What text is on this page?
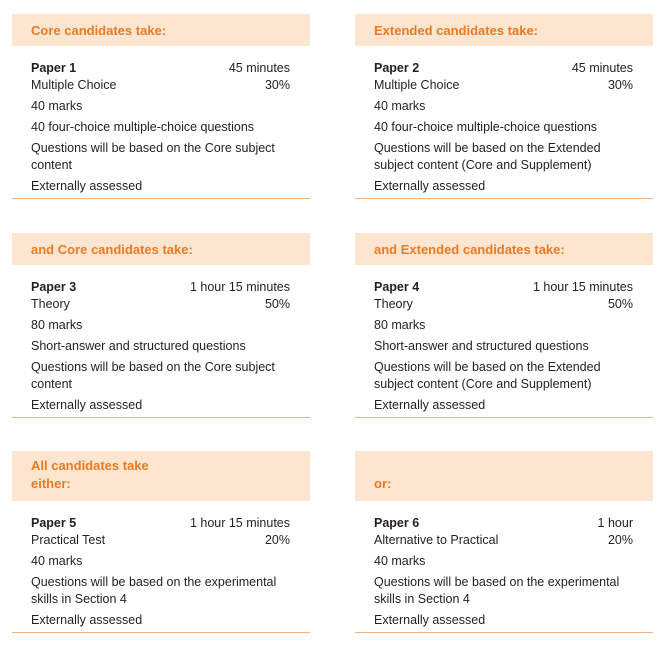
Core candidates take:
Paper 1	45 minutes
Multiple Choice	30%
40 marks
40 four-choice multiple-choice questions
Questions will be based on the Core subject content
Externally assessed
Extended candidates take:
Paper 2	45 minutes
Multiple Choice	30%
40 marks
40 four-choice multiple-choice questions
Questions will be based on the Extended subject content (Core and Supplement)
Externally assessed
and Core candidates take:
Paper 3	1 hour 15 minutes
Theory	50%
80 marks
Short-answer and structured questions
Questions will be based on the Core subject content
Externally assessed
and Extended candidates take:
Paper 4	1 hour 15 minutes
Theory	50%
80 marks
Short-answer and structured questions
Questions will be based on the Extended subject content (Core and Supplement)
Externally assessed
All candidates take
either:
Paper 5	1 hour 15 minutes
Practical Test	20%
40 marks
Questions will be based on the experimental skills in Section 4
Externally assessed
or:
Paper 6	1 hour
Alternative to Practical	20%
40 marks
Questions will be based on the experimental skills in Section 4
Externally assessed
